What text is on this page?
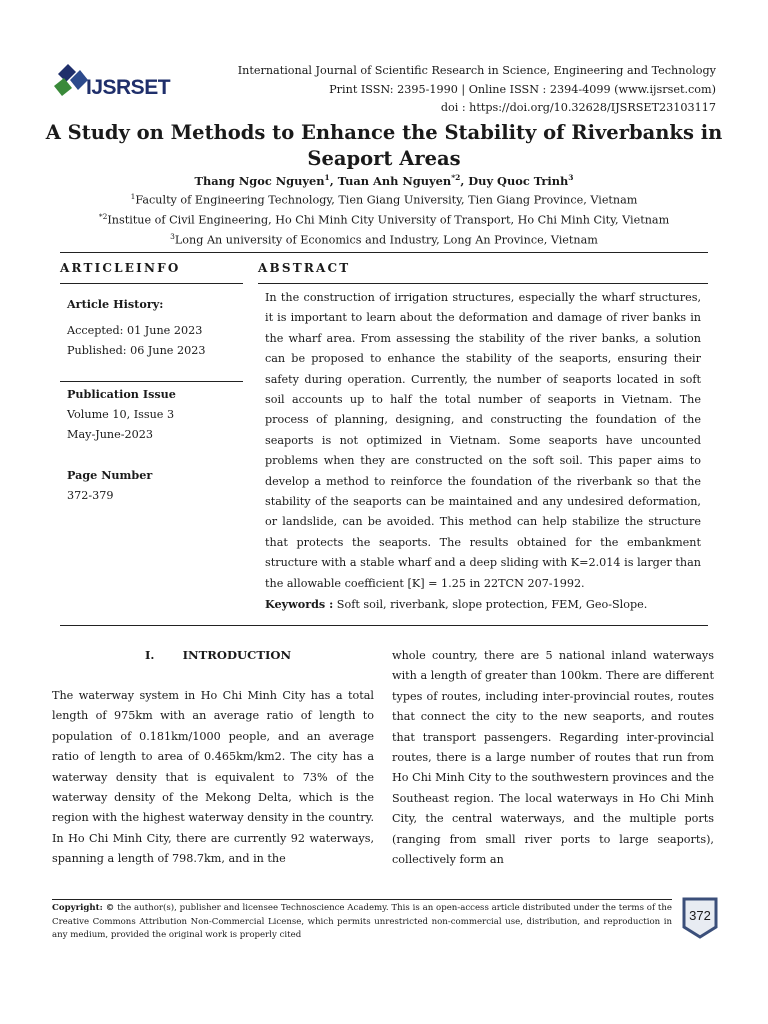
IJSRSET
International Journal of Scientific Research in Science, Engineering and Technology
Print ISSN: 2395-1990 | Online ISSN : 2394-4099 (www.ijsrset.com)
doi : https://doi.org/10.32628/IJSRSET23103117
A Study on Methods to Enhance the Stability of Riverbanks in
Seaport Areas
Thang Ngoc Nguyen$^1$, Tuan Anh Nguyen$^{*2}$, Duy Quoc Trinh$^3$
$^1$Faculty of Engineering Technology, Tien Giang University, Tien Giang Province, Vietnam
$^{*2}$Institue of Civil Engineering, Ho Chi Minh City University of Transport, Ho Chi Minh City, Vietnam
$^3$Long An university of Economics and Industry, Long An Province, Vietnam
ARTICLEINFO	ABSTRACT
Article History:
Accepted: 01 June 2023
Published: 06 June 2023
Publication Issue
Volume 10, Issue 3
May-June-2023
Page Number
372-379
In the construction of irrigation structures, especially the wharf structures, it is important to learn about the deformation and damage of river banks in the wharf area. From assessing the stability of the river banks, a solution can be proposed to enhance the stability of the seaports, ensuring their safety during operation. Currently, the number of seaports located in soft soil accounts up to half the total number of seaports in Vietnam. The process of planning, designing, and constructing the foundation of the seaports is not optimized in Vietnam. Some seaports have uncounted problems when they are constructed on the soft soil. This paper aims to develop a method to reinforce the foundation of the riverbank so that the stability of the seaports can be maintained and any undesired deformation, or landslide, can be avoided. This method can help stabilize the structure that protects the seaports. The results obtained for the embankment structure with a stable wharf and a deep sliding with K=2.014 is larger than the allowable coefficient [K] = 1.25 in 22TCN 207-1992.
Keywords : Soft soil, riverbank, slope protection, FEM, Geo-Slope.
I. INTRODUCTION
The waterway system in Ho Chi Minh City has a total length of 975km with an average ratio of length to population of 0.181km/1000 people, and an average ratio of length to area of 0.465km/km2. The city has a waterway density that is equivalent to 73% of the waterway density of the Mekong Delta, which is the region with the highest waterway density in the country. In Ho Chi Minh City, there are currently 92 waterways, spanning a length of 798.7km, and in the
whole country, there are 5 national inland waterways with a length of greater than 100km. There are different types of routes, including inter-provincial routes, routes that connect the city to the new seaports, and routes that transport passengers. Regarding inter-provincial routes, there is a large number of routes that run from Ho Chi Minh City to the southwestern provinces and the Southeast region. The local waterways in Ho Chi Minh City, the central waterways, and the multiple ports (ranging from small river ports to large seaports), collectively form an
Copyright: © the author(s), publisher and licensee Technoscience Academy. This is an open-access article distributed under the terms of the Creative Commons Attribution Non-Commercial License, which permits unrestricted non-commercial use, distribution, and reproduction in any medium, provided the original work is properly cited
372
